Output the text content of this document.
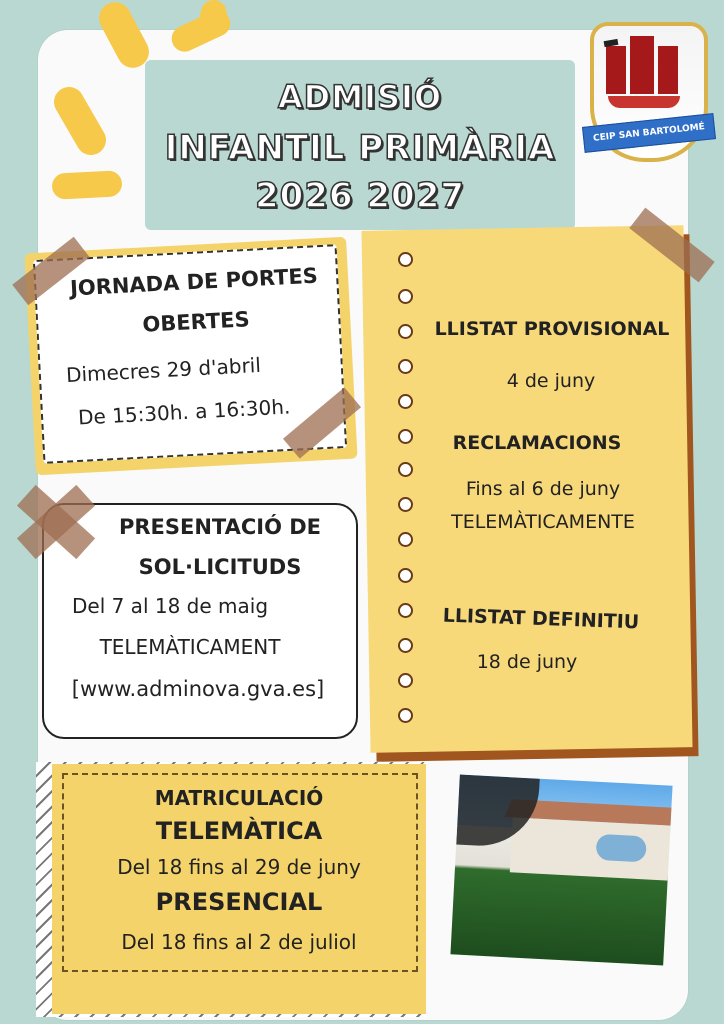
ADMISIÓ
INFANTIL PRIMÀRIA
2026 2027
CEIP SAN BARTOLOMÉ
JORNADA DE PORTES
OBERTES
Dimecres 29 d'abril
De 15:30h. a 16:30h.
PRESENTACIÓ DE
SOL·LICITUDS
Del 7 al 18 de maig
TELEMÀTICAMENT
[www.adminova.gva.es]
LLISTAT PROVISIONAL
4 de juny
RECLAMACIONS
Fins al 6 de juny
TELEMÀTICAMENTE
LLISTAT DEFINITIU
18 de juny
MATRICULACIÓ
TELEMÀTICA
Del 18 fins al 29 de juny
PRESENCIAL
Del 18 fins al 2 de juliol
